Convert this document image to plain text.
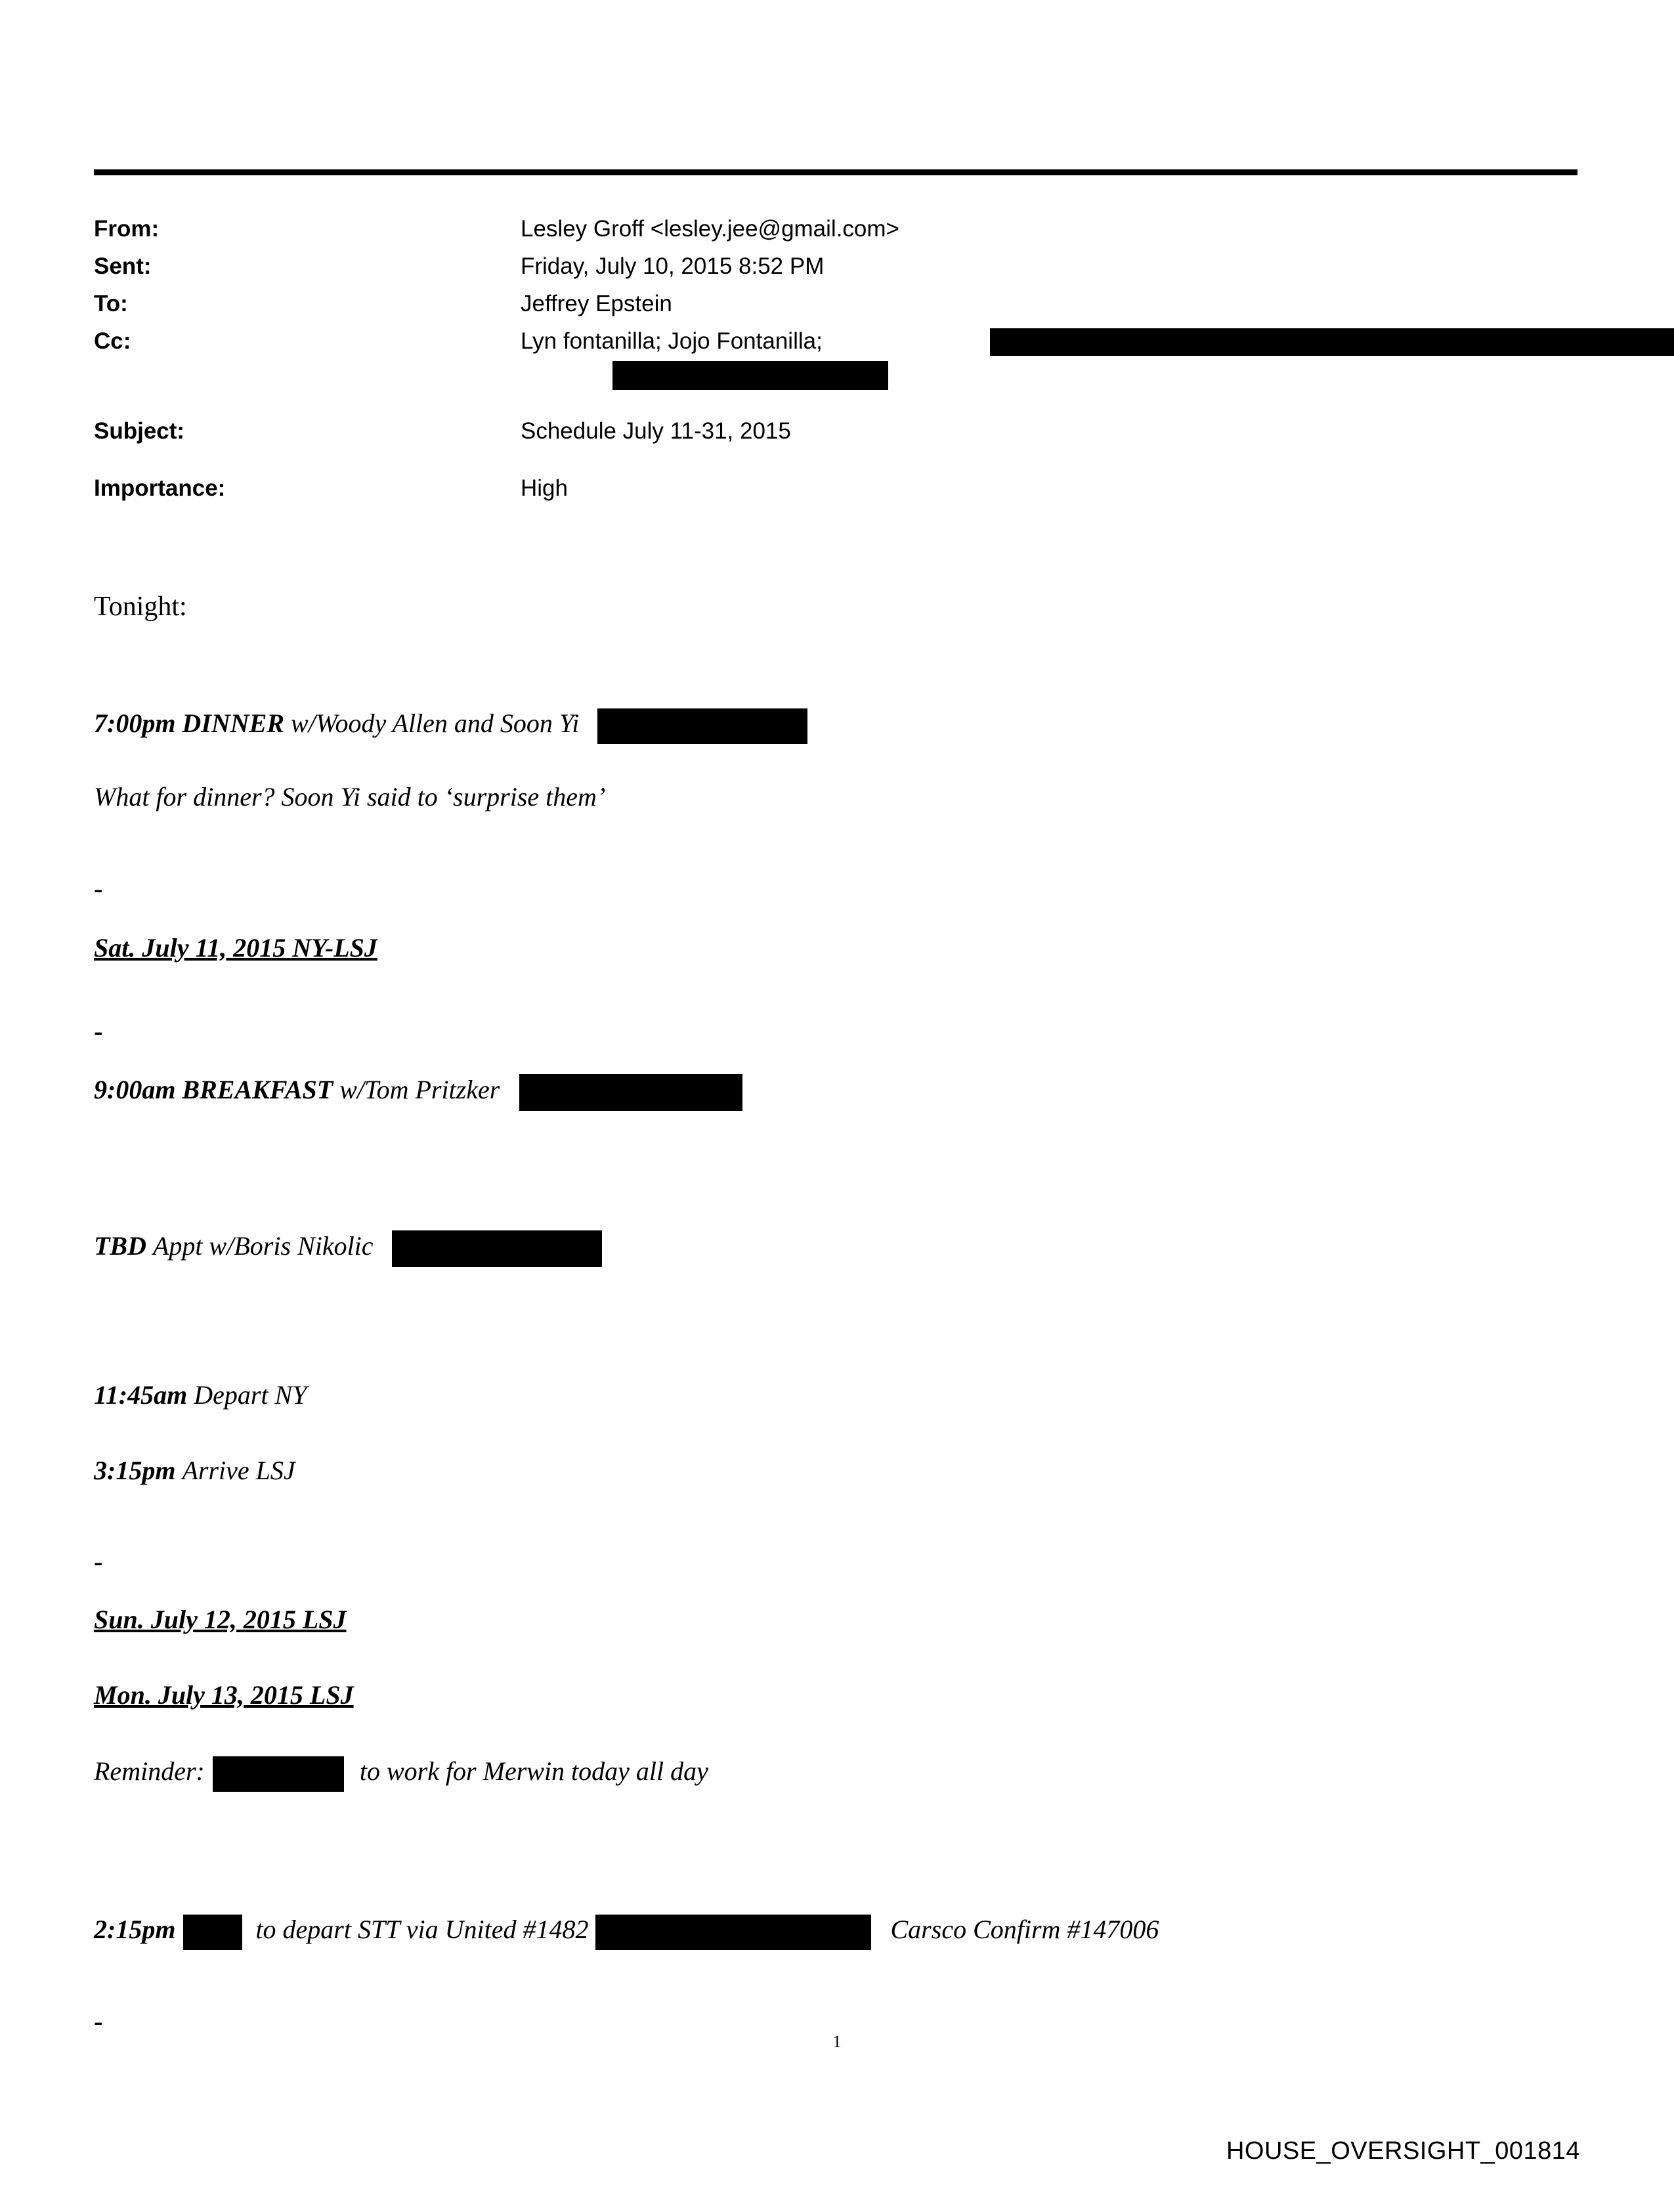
From:	Lesley Groff <lesley.jee@gmail.com>
Sent:	Friday, July 10, 2015 8:52 PM
To:	Jeffrey Epstein
Cc:	Lyn fontanilla; Jojo Fontanilla;
Subject:	Schedule July 11-31, 2015
Importance:	High
Tonight:
7:00pm DINNER w/Woody Allen and Soon Yi
What for dinner? Soon Yi said to ‘surprise them’
-
Sat. July 11, 2015 NY-LSJ
-
9:00am BREAKFAST w/Tom Pritzker
TBD Appt w/Boris Nikolic
11:45am Depart NY
3:15pm Arrive LSJ
-
Sun. July 12, 2015 LSJ
Mon. July 13, 2015 LSJ
Reminder:	to work for Merwin today all day
2:15pm	to depart STT via United #1482	Carsco Confirm #147006
-
1
HOUSE_OVERSIGHT_001814
